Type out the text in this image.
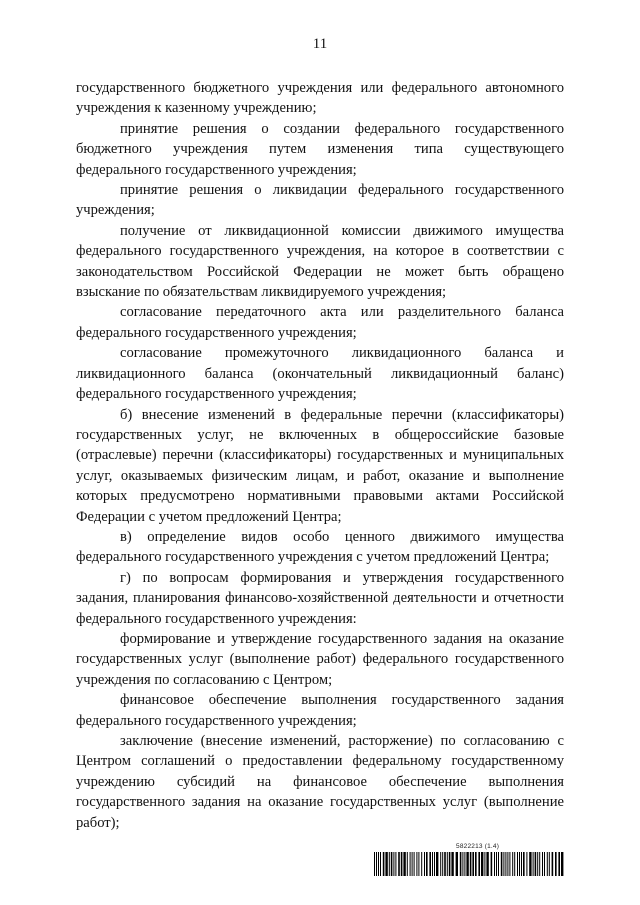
11

государственного бюджетного учреждения или федерального автономного учреждения к казенному учреждению;

принятие решения о создании федерального государственного бюджетного учреждения путем изменения типа существующего федерального государственного учреждения;

принятие решения о ликвидации федерального государственного учреждения;

получение от ликвидационной комиссии движимого имущества федерального государственного учреждения, на которое в соответствии с законодательством Российской Федерации не может быть обращено взыскание по обязательствам ликвидируемого учреждения;

согласование передаточного акта или разделительного баланса федерального государственного учреждения;

согласование промежуточного ликвидационного баланса и ликвидационного баланса (окончательный ликвидационный баланс) федерального государственного учреждения;

б) внесение изменений в федеральные перечни (классификаторы) государственных услуг, не включенных в общероссийские базовые (отраслевые) перечни (классификаторы) государственных и муниципальных услуг, оказываемых физическим лицам, и работ, оказание и выполнение которых предусмотрено нормативными правовыми актами Российской Федерации с учетом предложений Центра;

в) определение видов особо ценного движимого имущества федерального государственного учреждения с учетом предложений Центра;

г) по вопросам формирования и утверждения государственного задания, планирования финансово-хозяйственной деятельности и отчетности федерального государственного учреждения:

формирование и утверждение государственного задания на оказание государственных услуг (выполнение работ) федерального государственного учреждения по согласованию с Центром;

финансовое обеспечение выполнения государственного задания федерального государственного учреждения;

заключение (внесение изменений, расторжение) по согласованию с Центром соглашений о предоставлении федеральному государственному учреждению субсидий на финансовое обеспечение выполнения государственного задания на оказание государственных услуг (выполнение работ);

5822213 (1.4)
